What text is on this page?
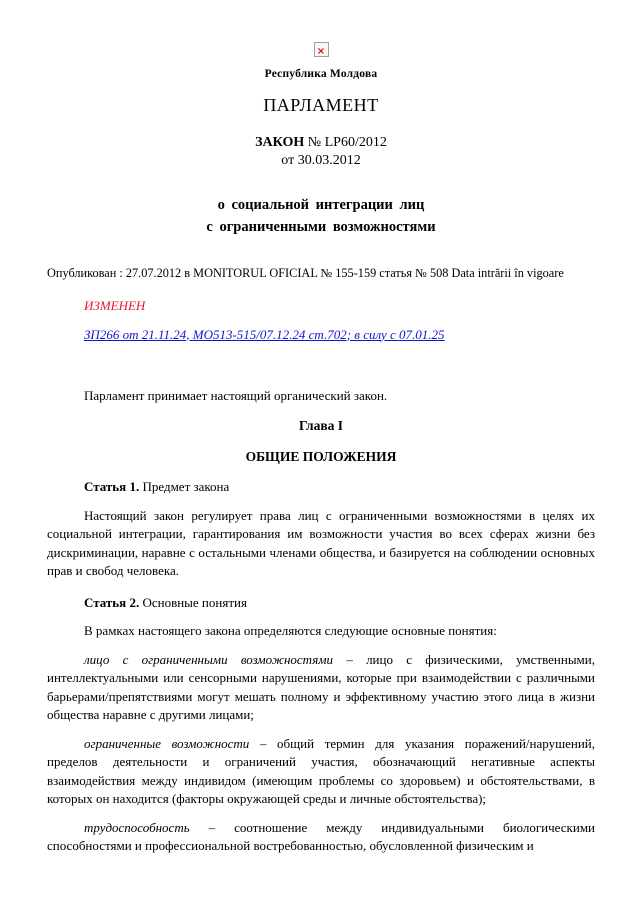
×
Республика Молдова
ПАРЛАМЕНТ
ЗАКОН № LP60/2012
от 30.03.2012
о социальной интеграции лиц
с ограниченными возможностями
Опубликован : 27.07.2012 в MONITORUL OFICIAL № 155-159 статья № 508 Data intrării în vigoare
ИЗМЕНЕН
ЗП266 от 21.11.24, МО513-515/07.12.24 ст.702; в силу с 07.01.25

Парламент принимает настоящий органический закон.

Глава I
ОБЩИЕ ПОЛОЖЕНИЯ

Статья 1. Предмет закона

Настоящий закон регулирует права лиц с ограниченными возможностями в целях их социальной интеграции, гарантирования им возможности участия во всех сферах жизни без дискриминации, наравне с остальными членами общества, и базируется на соблюдении основных прав и свобод человека.

Статья 2. Основные понятия

В рамках настоящего закона определяются следующие основные понятия:

лицо с ограниченными возможностями – лицо с физическими, умственными, интеллектуальными или сенсорными нарушениями, которые при взаимодействии с различными барьерами/препятствиями могут мешать полному и эффективному участию этого лица в жизни общества наравне с другими лицами;

ограниченные возможности – общий термин для указания поражений/нарушений, пределов деятельности и ограничений участия, обозначающий негативные аспекты взаимодействия между индивидом (имеющим проблемы со здоровьем) и обстоятельствами, в которых он находится (факторы окружающей среды и личные обстоятельства);

трудоспособность – соотношение между индивидуальными биологическими способностями и профессиональной востребованностью, обусловленной физическим и
